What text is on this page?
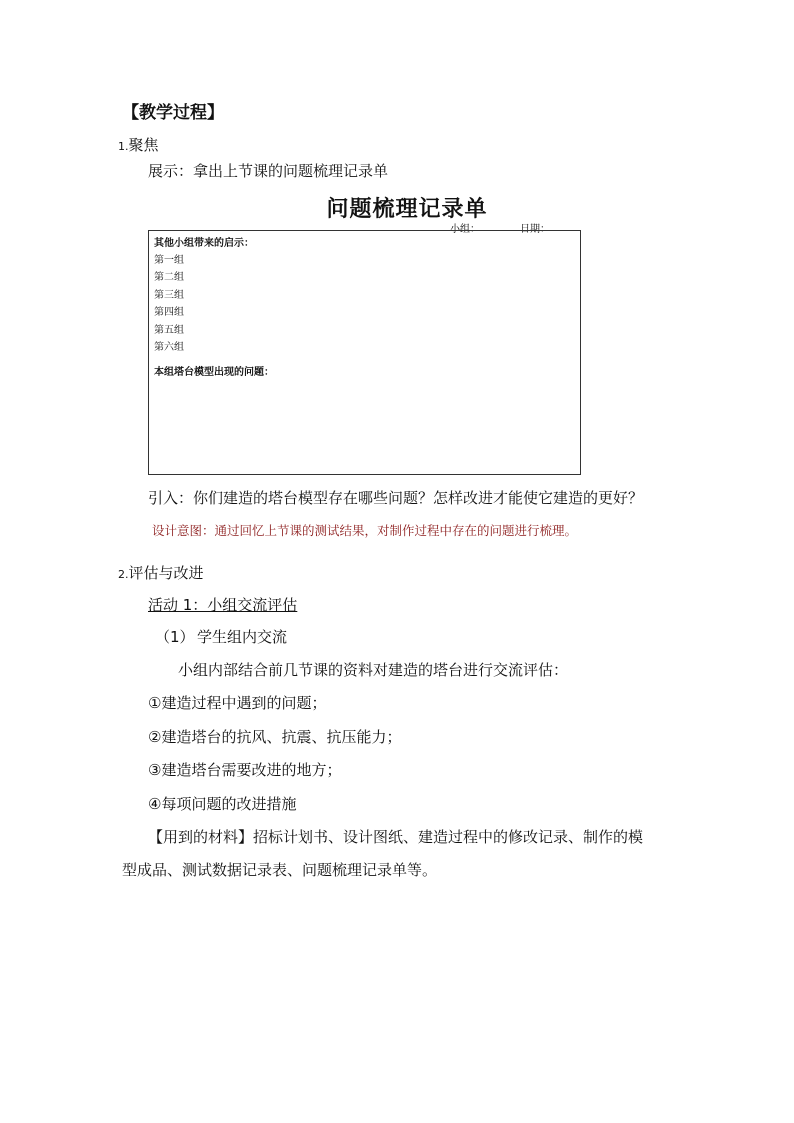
【教学过程】
1.聚焦
展示：拿出上节课的问题梳理记录单
问题梳理记录单
小组：	日期：
其他小组带来的启示：
第一组
第二组
第三组
第四组
第五组
第六组
本组塔台模型出现的问题：
引入：你们建造的塔台模型存在哪些问题？怎样改进才能使它建造的更好？
设计意图：通过回忆上节课的测试结果，对制作过程中存在的问题进行梳理。
2.评估与改进
活动 1：小组交流评估
（1） 学生组内交流
小组内部结合前几节课的资料对建造的塔台进行交流评估：
①建造过程中遇到的问题；
②建造塔台的抗风、抗震、抗压能力；
③建造塔台需要改进的地方；
④每项问题的改进措施
【用到的材料】招标计划书、设计图纸、建造过程中的修改记录、制作的模
型成品、测试数据记录表、问题梳理记录单等。
